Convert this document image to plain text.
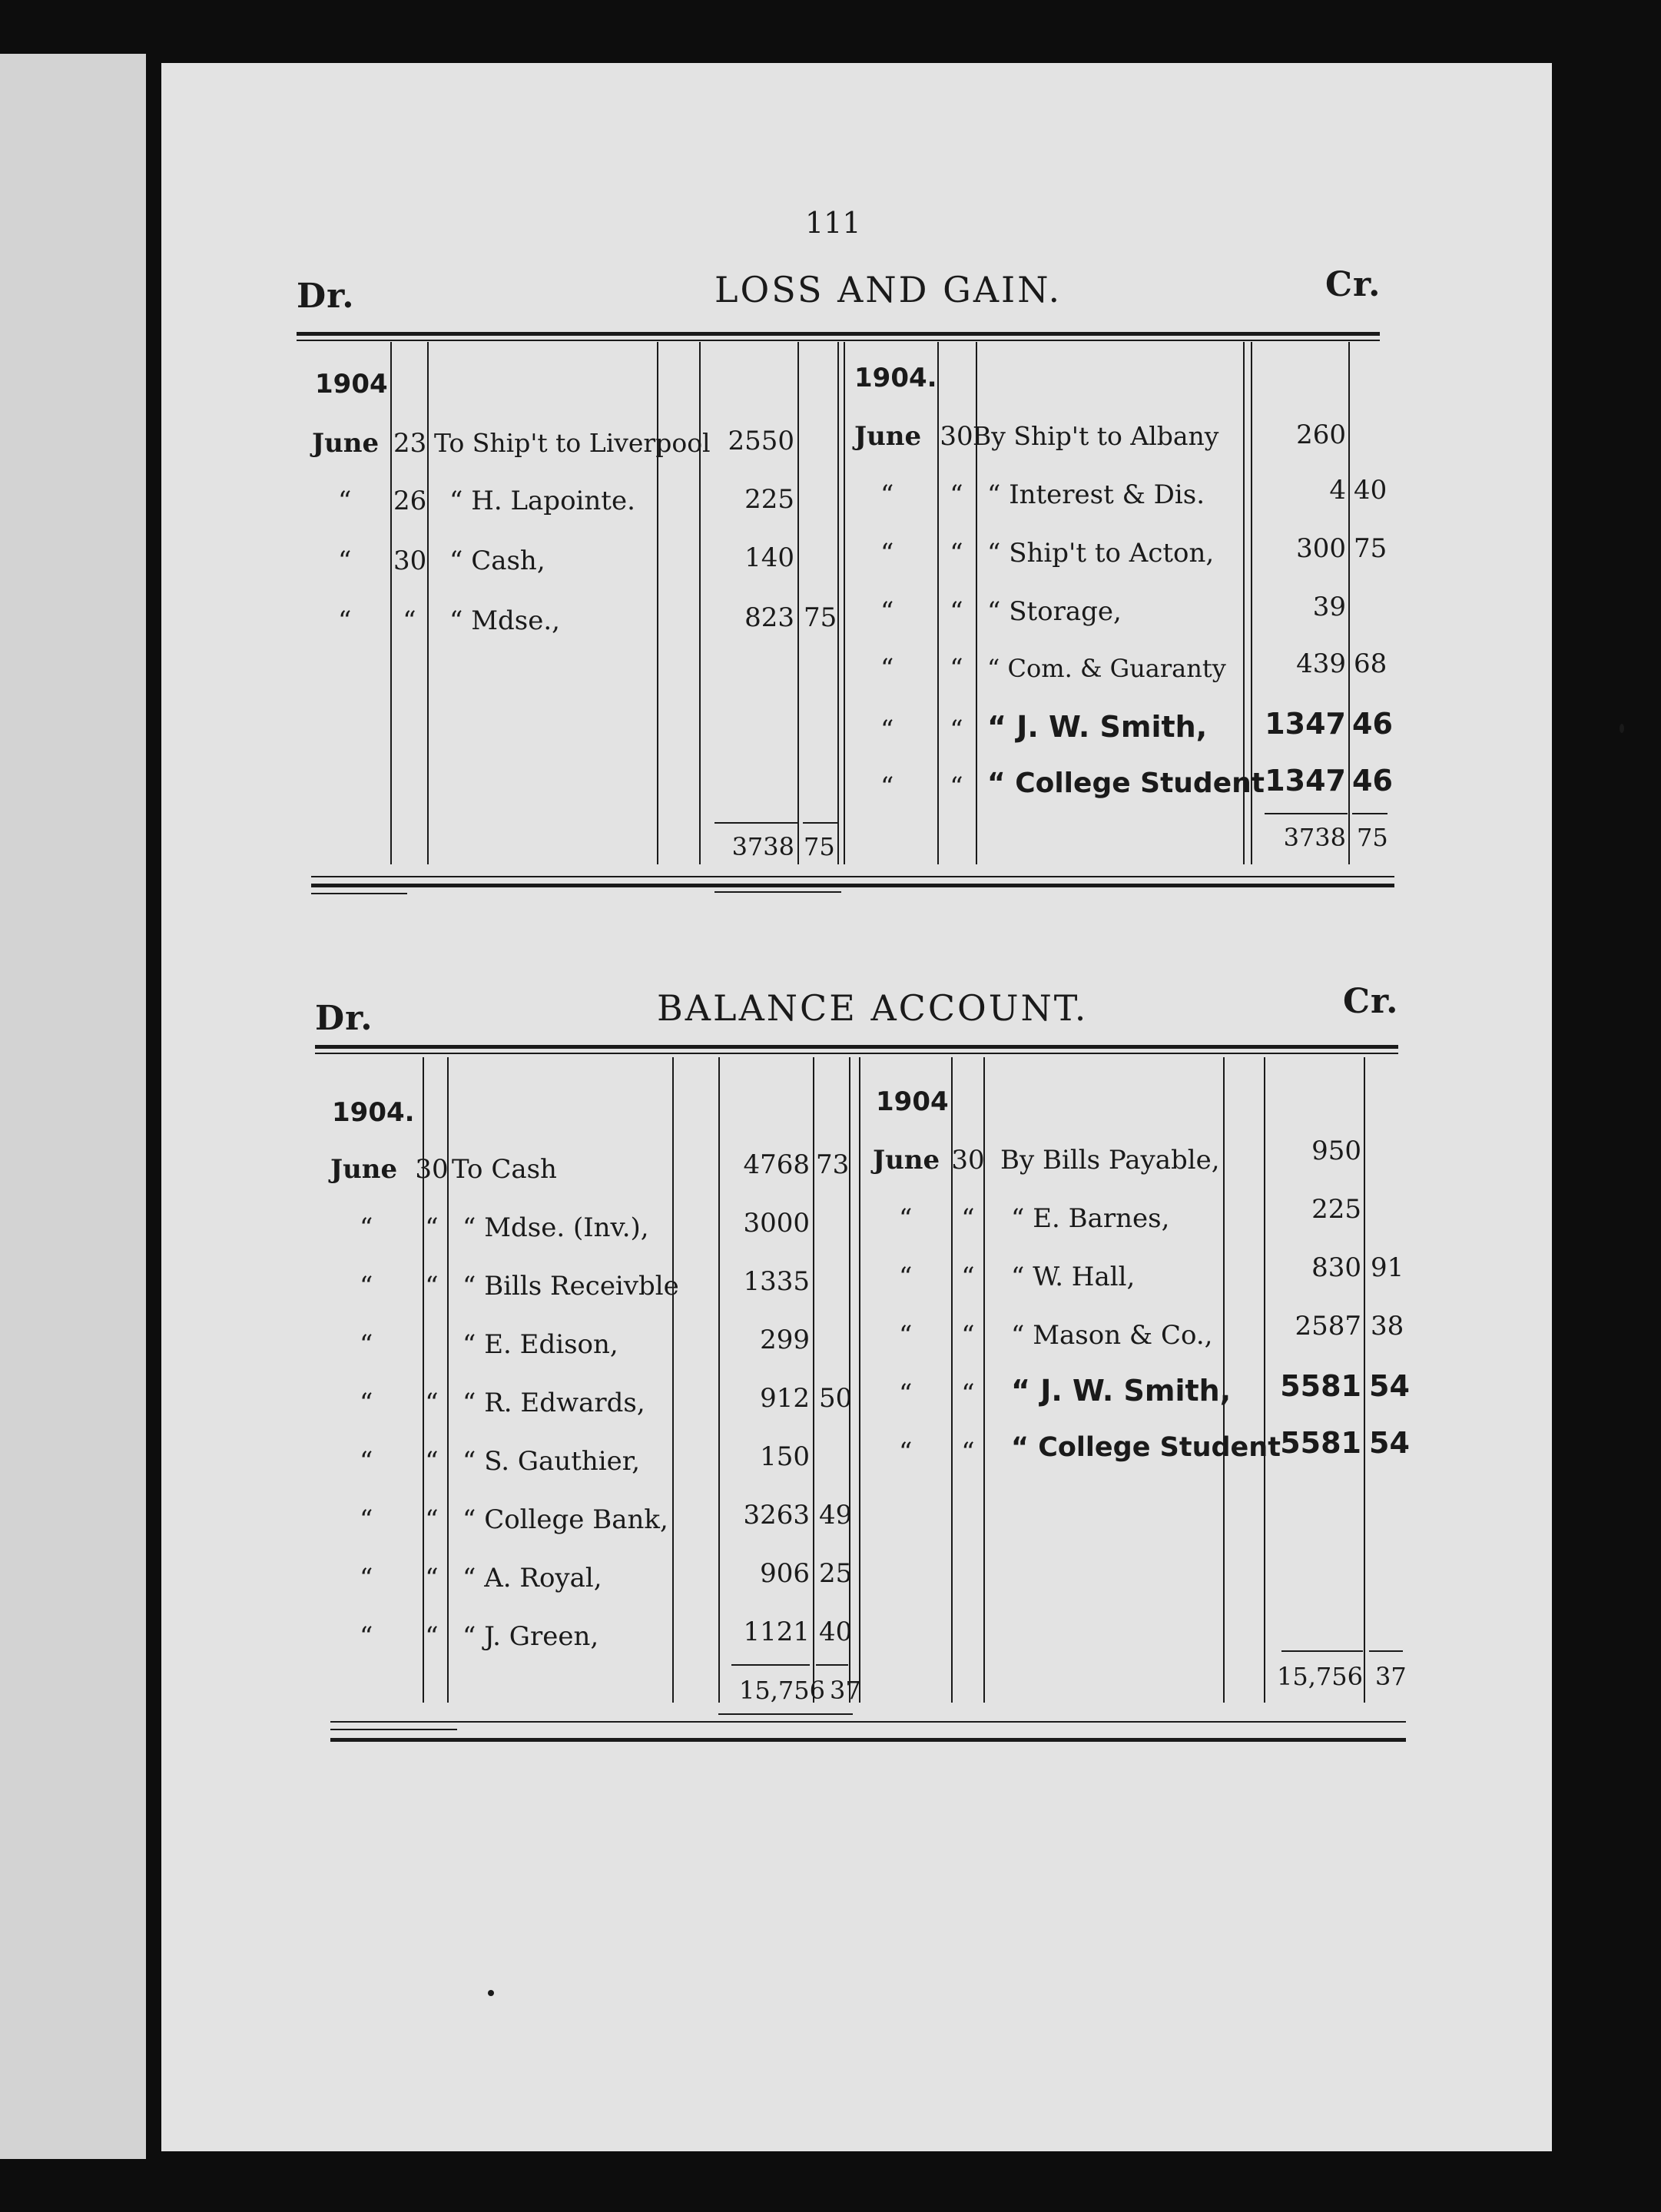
111
Dr.	LOSS AND GAIN.	Cr.
1904	1904.
June 23 To Ship't to Liverpool 2550
“ 26 “ H. Lapointe.	225
“ 30 “ Cash,	140
“	“	“ Mdse.,	823 75
June 30 By Ship't to Albany	260
“	“ “ Interest & Dis.	4 40
“	“ “ Ship't to Acton,	300 75
“	“ “ Storage,	39
“	“ “ Com. & Guaranty	439 68
“	“ “ J. W. Smith,	1347 46
“	“ “ College Student 1347 46
3738 75	3738 75
Dr.	BALANCE ACCOUNT.	Cr.
1904.	1904
June 30 To Cash	4768 73
“	“ “ Mdse. (Inv.),	3000
“	“ “ Bills Receivble	1335
“	“ E. Edison,	299
“	“ “ R. Edwards,	912 50
“	“ “ S. Gauthier,	150
“	“ “ College Bank,	3263 49
“	“ “ A. Royal,	906 25
“	“ “ J. Green,	1121 40
June 30 By Bills Payable,	950
“	“	“ E. Barnes,	225
“	“	“ W. Hall,	830 91
“	“	“ Mason & Co.,	2587 38
“	“	“ J. W. Smith,	5581 54
“	“	“ College Student 5581 54
15,756 37	15,756 37
